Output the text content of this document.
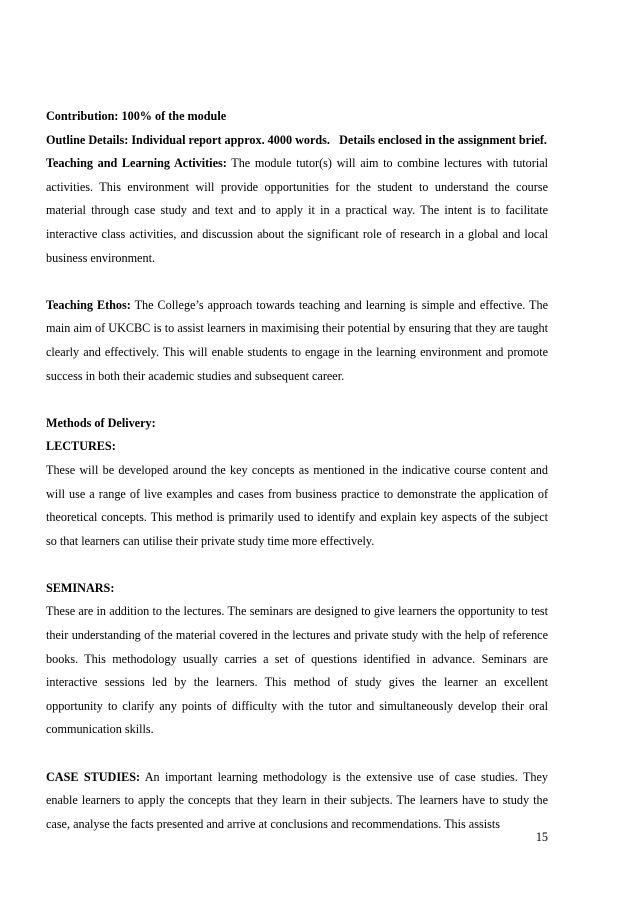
Contribution: 100% of the module

Outline Details: Individual report approx. 4000 words. Details enclosed in the assignment brief.

Teaching and Learning Activities: The module tutor(s) will aim to combine lectures with tutorial activities. This environment will provide opportunities for the student to understand the course material through case study and text and to apply it in a practical way. The intent is to facilitate interactive class activities, and discussion about the significant role of research in a global and local business environment.

Teaching Ethos: The College’s approach towards teaching and learning is simple and effective. The main aim of UKCBC is to assist learners in maximising their potential by ensuring that they are taught clearly and effectively. This will enable students to engage in the learning environment and promote success in both their academic studies and subsequent career.

Methods of Delivery:

LECTURES:

These will be developed around the key concepts as mentioned in the indicative course content and will use a range of live examples and cases from business practice to demonstrate the application of theoretical concepts. This method is primarily used to identify and explain key aspects of the subject so that learners can utilise their private study time more effectively.

SEMINARS:

These are in addition to the lectures. The seminars are designed to give learners the opportunity to test their understanding of the material covered in the lectures and private study with the help of reference books. This methodology usually carries a set of questions identified in advance. Seminars are interactive sessions led by the learners. This method of study gives the learner an excellent opportunity to clarify any points of difficulty with the tutor and simultaneously develop their oral communication skills.

CASE STUDIES: An important learning methodology is the extensive use of case studies. They enable learners to apply the concepts that they learn in their subjects. The learners have to study the case, analyse the facts presented and arrive at conclusions and recommendations. This assists

15
